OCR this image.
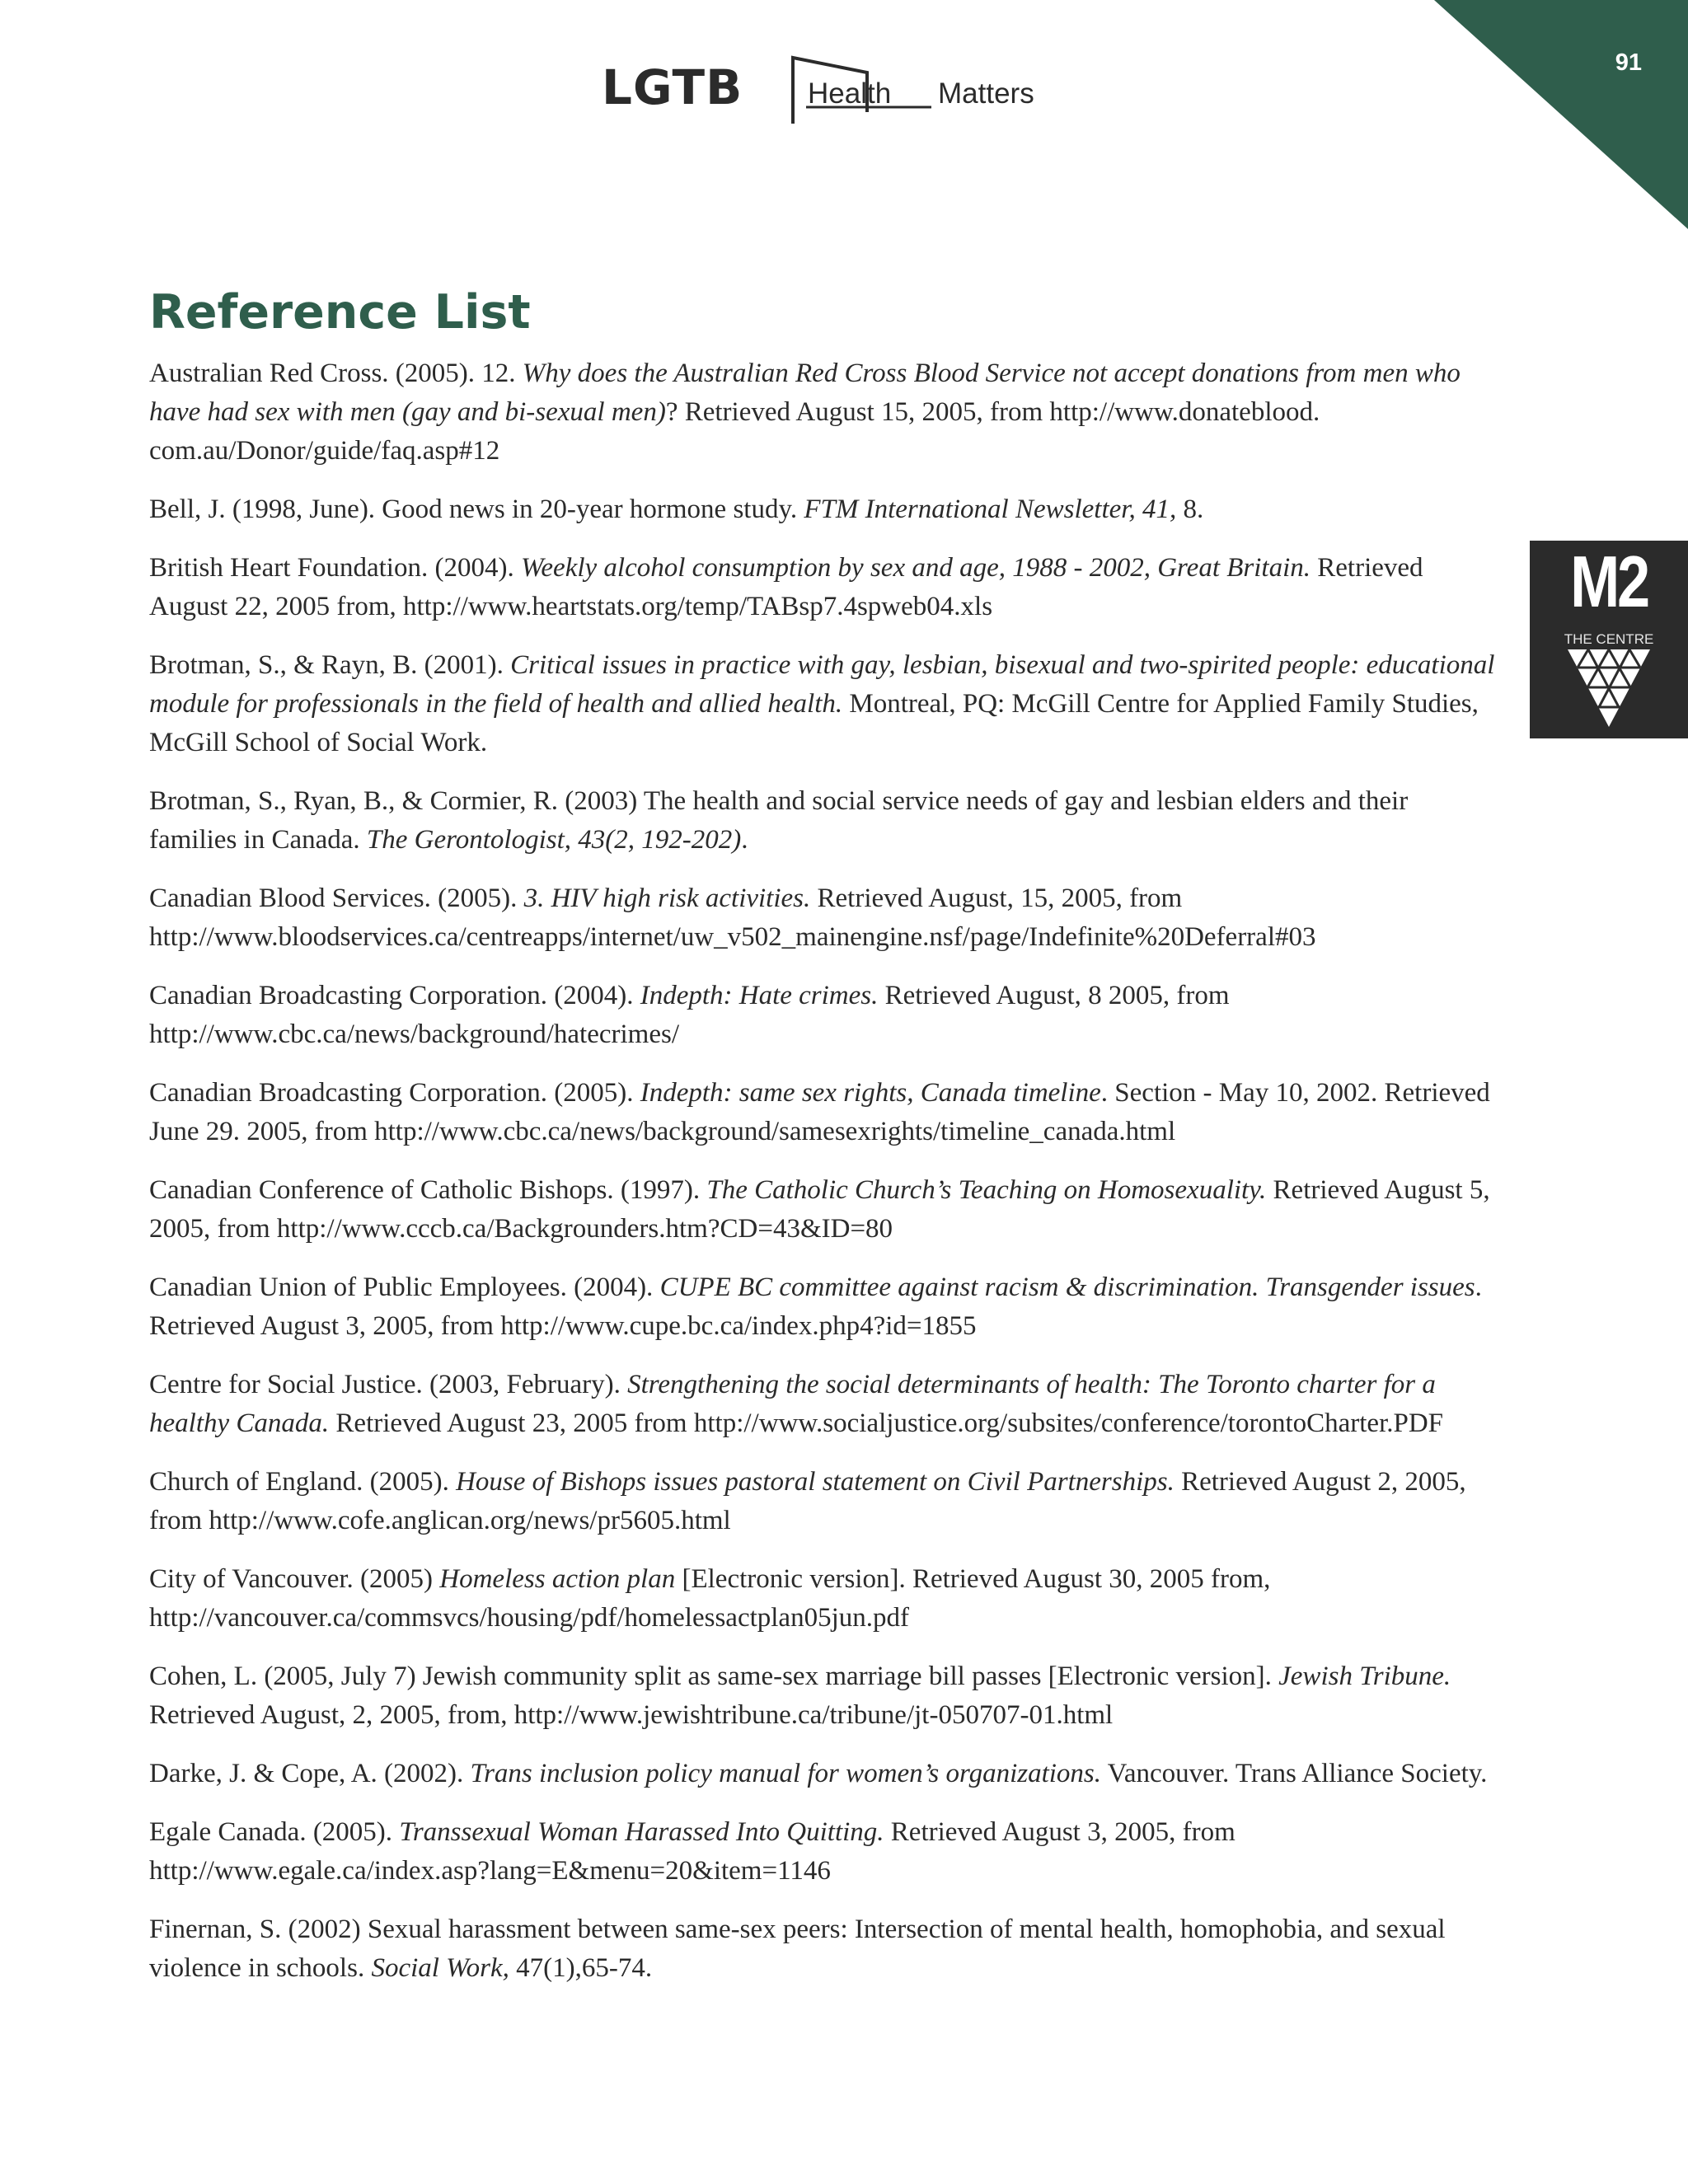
91
LGTB Health Matters
M2
THE CENTRE
Reference List
Australian Red Cross. (2005). 12. Why does the Australian Red Cross Blood Service not accept donations from men who have had sex with men (gay and bi-sexual men)? Retrieved August 15, 2005, from http://www.donateblood.​com.au/Donor/guide/faq.asp#12
Bell, J. (1998, June). Good news in 20-year hormone study. FTM International Newsletter, 41, 8.
British Heart Foundation. (2004). Weekly alcohol consumption by sex and age, 1988 - 2002, Great Britain. Retrieved August 22, 2005 from, http://www.heartstats.org/temp/TABsp7.4spweb04.xls
Brotman, S., & Rayn, B. (2001). Critical issues in practice with gay, lesbian, bisexual and two-spirited people: educational module for professionals in the field of health and allied health. Montreal, PQ: McGill Centre for Applied Family Studies, McGill School of Social Work.
Brotman, S., Ryan, B., & Cormier, R. (2003) The health and social service needs of gay and lesbian elders and their families in Canada. The Gerontologist, 43(2, 192-202).
Canadian Blood Services. (2005). 3. HIV high risk activities. Retrieved August, 15, 2005, from http://www.bloodservices.ca/centreapps/internet/uw_v502_mainengine.nsf/page/Indefinite%20Deferral#03
Canadian Broadcasting Corporation. (2004). Indepth: Hate crimes. Retrieved August, 8 2005, from http://www.cbc.ca/news/background/hatecrimes/
Canadian Broadcasting Corporation. (2005). Indepth: same sex rights, Canada timeline. Section - May 10, 2002. Retrieved June 29. 2005, from http://www.cbc.ca/news/background/samesexrights/timeline_canada.html
Canadian Conference of Catholic Bishops. (1997). The Catholic Church’s Teaching on Homosexuality. Retrieved August 5, 2005, from http://www.cccb.ca/Backgrounders.htm?CD=43&ID=80
Canadian Union of Public Employees. (2004). CUPE BC committee against racism & discrimination. Transgender issues. Retrieved August 3, 2005, from http://www.cupe.bc.ca/index.php4?id=1855
Centre for Social Justice. (2003, February). Strengthening the social determinants of health: The Toronto charter for a healthy Canada. Retrieved August 23, 2005 from http://www.socialjustice.org/subsites/conference/​torontoCharter.PDF
Church of England. (2005). House of Bishops issues pastoral statement on Civil Partnerships. Retrieved August 2, 2005, from http://www.cofe.anglican.org/news/pr5605.html
City of Vancouver. (2005) Homeless action plan [Electronic version]. Retrieved August 30, 2005 from, http://vancouver.ca/commsvcs/housing/pdf/homelessactplan05jun.pdf
Cohen, L. (2005, July 7) Jewish community split as same-sex marriage bill passes [Electronic version]. Jewish Tribune. Retrieved August, 2, 2005, from, http://www.jewishtribune.ca/tribune/jt-050707-01.html
Darke, J. & Cope, A. (2002). Trans inclusion policy manual for women’s organizations. Vancouver. Trans Alliance Society.
Egale Canada. (2005). Transsexual Woman Harassed Into Quitting. Retrieved August 3, 2005, from http://www.egale.ca/index.asp?lang=E&menu=20&item=1146
Finernan, S. (2002) Sexual harassment between same-sex peers: Intersection of mental health, homophobia, and sexual violence in schools. Social Work, 47(1),65-74.
